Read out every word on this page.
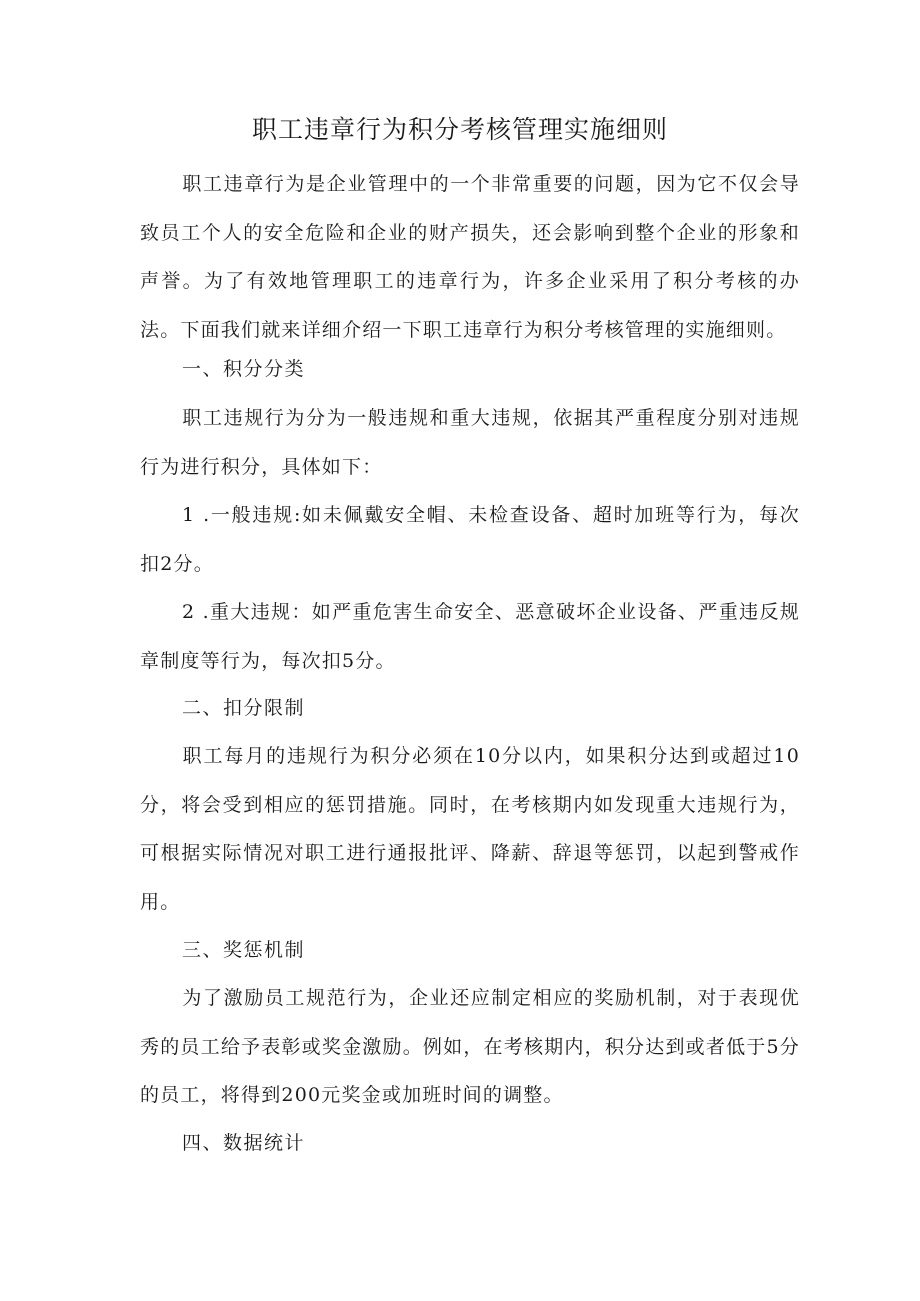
职工违章行为积分考核管理实施细则

职工违章行为是企业管理中的一个非常重要的问题，因为它不仅会导致员工个人的安全危险和企业的财产损失，还会影响到整个企业的形象和声誉。为了有效地管理职工的违章行为，许多企业采用了积分考核的办法。下面我们就来详细介绍一下职工违章行为积分考核管理的实施细则。

一、积分分类

职工违规行为分为一般违规和重大违规，依据其严重程度分别对违规行为进行积分，具体如下：

1 .一般违规:如未佩戴安全帽、未检查设备、超时加班等行为，每次扣2分。

2 .重大违规：如严重危害生命安全、恶意破坏企业设备、严重违反规章制度等行为，每次扣5分。

二、扣分限制

职工每月的违规行为积分必须在10分以内，如果积分达到或超过10分，将会受到相应的惩罚措施。同时，在考核期内如发现重大违规行为，可根据实际情况对职工进行通报批评、降薪、辞退等惩罚，以起到警戒作用。

三、奖惩机制

为了激励员工规范行为，企业还应制定相应的奖励机制，对于表现优秀的员工给予表彰或奖金激励。例如，在考核期内，积分达到或者低于5分的员工，将得到200元奖金或加班时间的调整。

四、数据统计
